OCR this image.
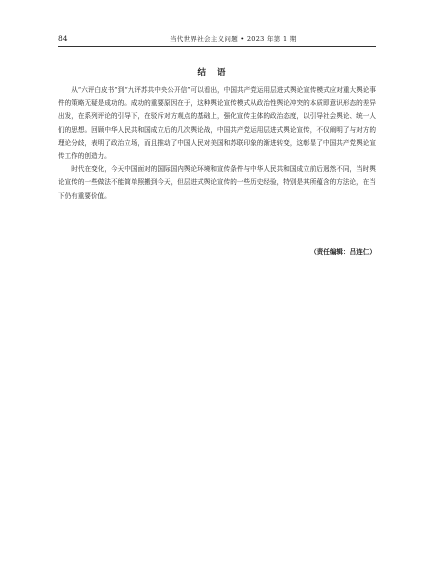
84	当代世界社会主义问题 • 2023 年第 1 期
结 语

从“六评白皮书”到“九评苏共中央公开信”可以看出，中国共产党运用层进式舆论宣传模式应对重大舆论事件的策略无疑是成功的。成功的重要原因在于，这种舆论宣传模式从政治性舆论冲突的本质即意识形态的差异出发，在系列评论的引导下，在驳斥对方观点的基础上，强化宣传主体的政治态度，以引导社会舆论、统一人们的思想。回顾中华人民共和国成立后的几次舆论战，中国共产党运用层进式舆论宣传，不仅阐明了与对方的理论分歧，表明了政治立场，而且推动了中国人民对美国和苏联印象的渐进转变，这彰显了中国共产党舆论宣传工作的创造力。

时代在变化，今天中国面对的国际国内舆论环境和宣传条件与中华人民共和国成立前后迥然不同，当时舆论宣传的一些做法不能简单照搬到今天，但层进式舆论宣传的一些历史经验，特别是其所蕴含的方法论，在当下仍有重要价值。

（责任编辑：吕连仁）
